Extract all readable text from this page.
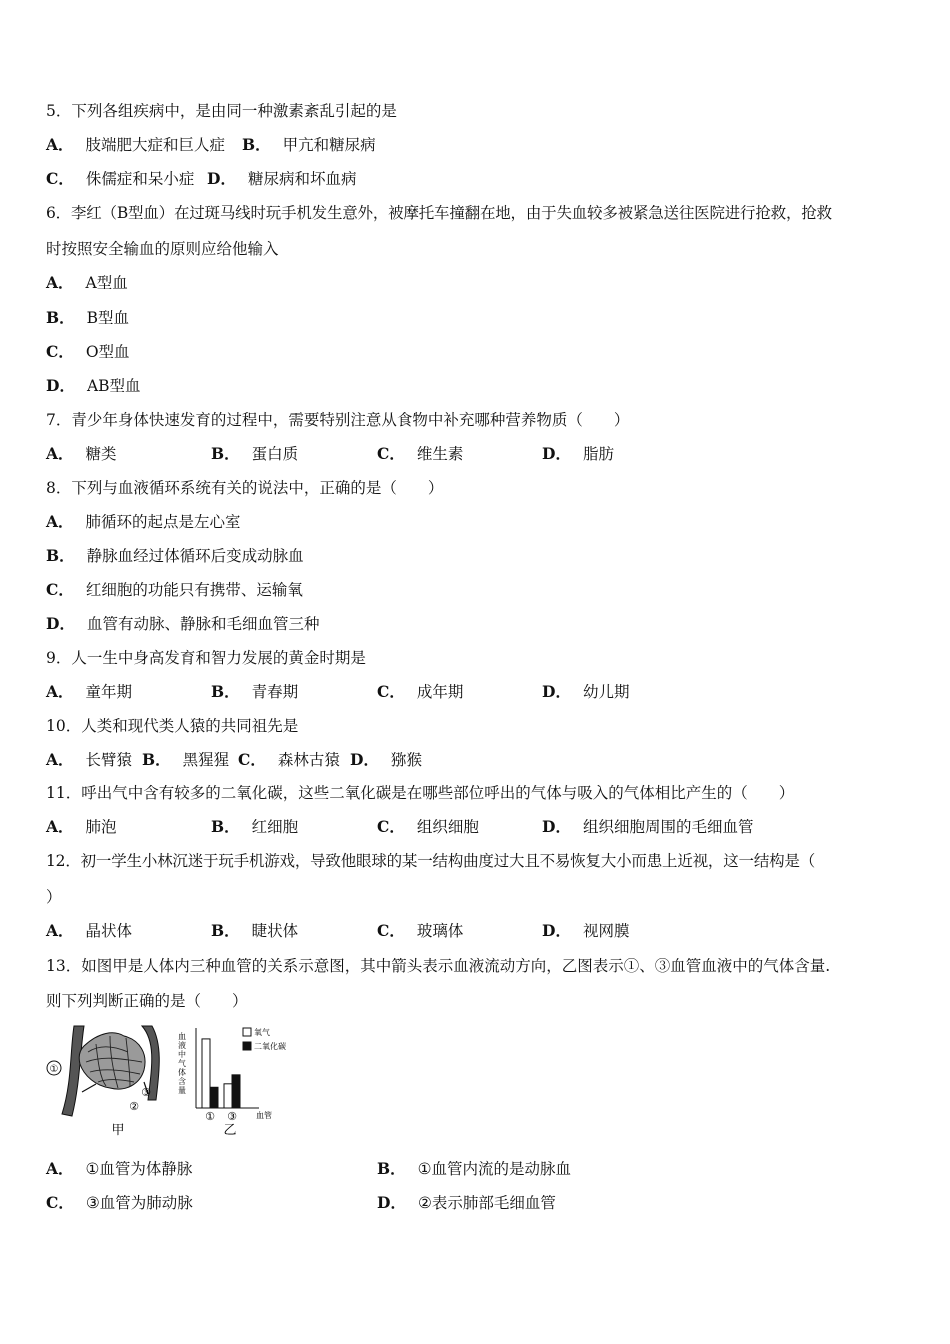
5．下列各组疾病中，是由同一种激素紊乱引起的是
A． 肢端肥大症和巨人症 B． 甲亢和糖尿病
C． 侏儒症和呆小症 D． 糖尿病和坏血病
6．李红（B型血）在过斑马线时玩手机发生意外，被摩托车撞翻在地，由于失血较多被紧急送往医院进行抢救，抢救
时按照安全输血的原则应给他输入
A． A型血
B． B型血
C． O型血
D． AB型血
7．青少年身体快速发育的过程中，需要特别注意从食物中补充哪种营养物质（　　）
A． 糖类	B． 蛋白质	C． 维生素	D． 脂肪
8．下列与血液循环系统有关的说法中，正确的是（　　）
A． 肺循环的起点是左心室
B． 静脉血经过体循环后变成动脉血
C． 红细胞的功能只有携带、运输氧
D． 血管有动脉、静脉和毛细血管三种
9．人一生中身高发育和智力发展的黄金时期是
A． 童年期	B． 青春期	C． 成年期	D． 幼儿期
10．人类和现代类人猿的共同祖先是
A． 长臂猿 B． 黑猩猩 C． 森林古猿 D． 猕猴
11．呼出气中含有较多的二氧化碳，这些二氧化碳是在哪些部位呼出的气体与吸入的气体相比产生的（　　）
A． 肺泡	B． 红细胞	C． 组织细胞	D． 组织细胞周围的毛细血管
12．初一学生小林沉迷于玩手机游戏，导致他眼球的某一结构曲度过大且不易恢复大小而患上近视，这一结构是（
）
A． 晶状体	B． 睫状体	C． 玻璃体	D． 视网膜
13．如图甲是人体内三种血管的关系示意图，其中箭头表示血液流动方向，乙图表示①、③血管血液中的气体含量.
则下列判断正确的是（　　）
①
②
③
甲
血液中气体含量
血管
乙
氧气
二氧化碳
① ③
A． ①血管为体静脉	B． ①血管内流的是动脉血
C． ③血管为肺动脉	D． ②表示肺部毛细血管
